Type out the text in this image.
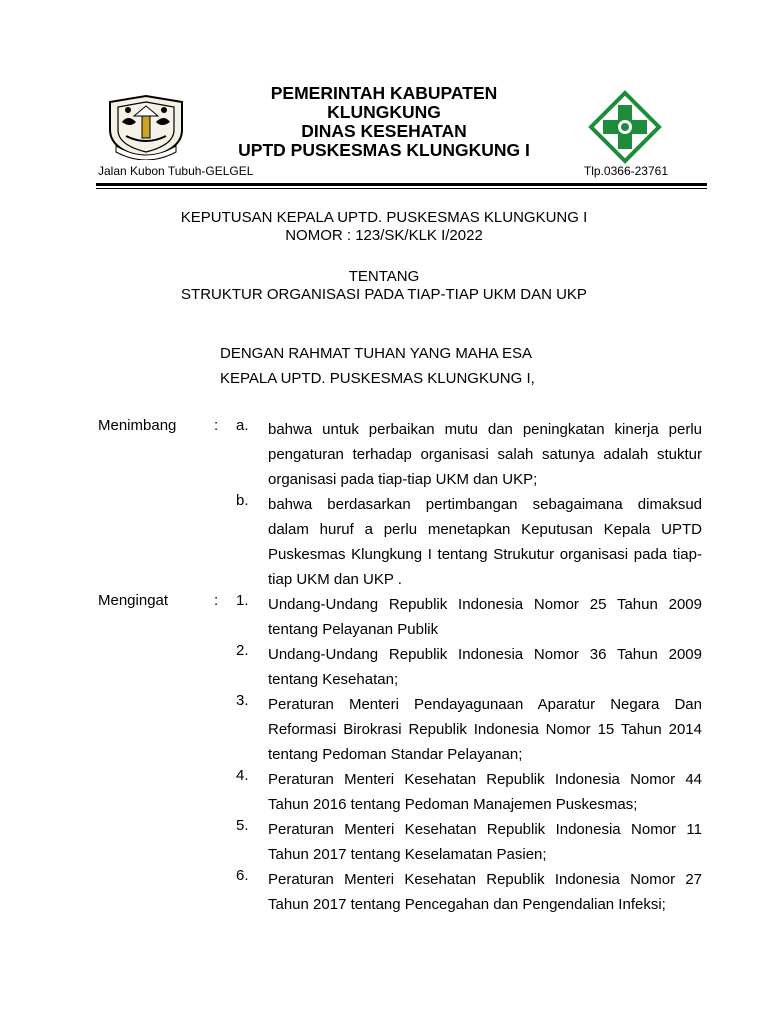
PEMERINTAH KABUPATEN
KLUNGKUNG
DINAS KESEHATAN
UPTD PUSKESMAS KLUNGKUNG I
Jalan Kubon Tubuh-GELGEL	Tlp.0366-23761
KEPUTUSAN KEPALA UPTD. PUSKESMAS KLUNGKUNG I
NOMOR : 123/SK/KLK I/2022
TENTANG
STRUKTUR ORGANISASI PADA TIAP-TIAP UKM DAN UKP
DENGAN RAHMAT TUHAN YANG MAHA ESA
KEPALA UPTD. PUSKESMAS KLUNGKUNG I,
Menimbang	: a. bahwa untuk perbaikan mutu dan peningkatan kinerja perlu pengaturan terhadap organisasi salah satunya adalah stuktur organisasi pada tiap-tiap UKM dan UKP;
b. bahwa berdasarkan pertimbangan sebagaimana dimaksud dalam huruf a perlu menetapkan Keputusan Kepala UPTD Puskesmas Klungkung I tentang Strukutur organisasi pada tiap-tiap UKM dan UKP .
Mengingat	: 1. Undang-Undang Republik Indonesia Nomor 25 Tahun 2009 tentang Pelayanan Publik
2. Undang-Undang Republik Indonesia Nomor 36 Tahun 2009 tentang Kesehatan;
3. Peraturan Menteri Pendayagunaan Aparatur Negara Dan Reformasi Birokrasi Republik Indonesia Nomor 15 Tahun 2014 tentang Pedoman Standar Pelayanan;
4. Peraturan Menteri Kesehatan Republik Indonesia Nomor 44 Tahun 2016 tentang Pedoman Manajemen Puskesmas;
5. Peraturan Menteri Kesehatan Republik Indonesia Nomor 11 Tahun 2017 tentang Keselamatan Pasien;
6. Peraturan Menteri Kesehatan Republik Indonesia Nomor 27 Tahun 2017 tentang Pencegahan dan Pengendalian Infeksi;
